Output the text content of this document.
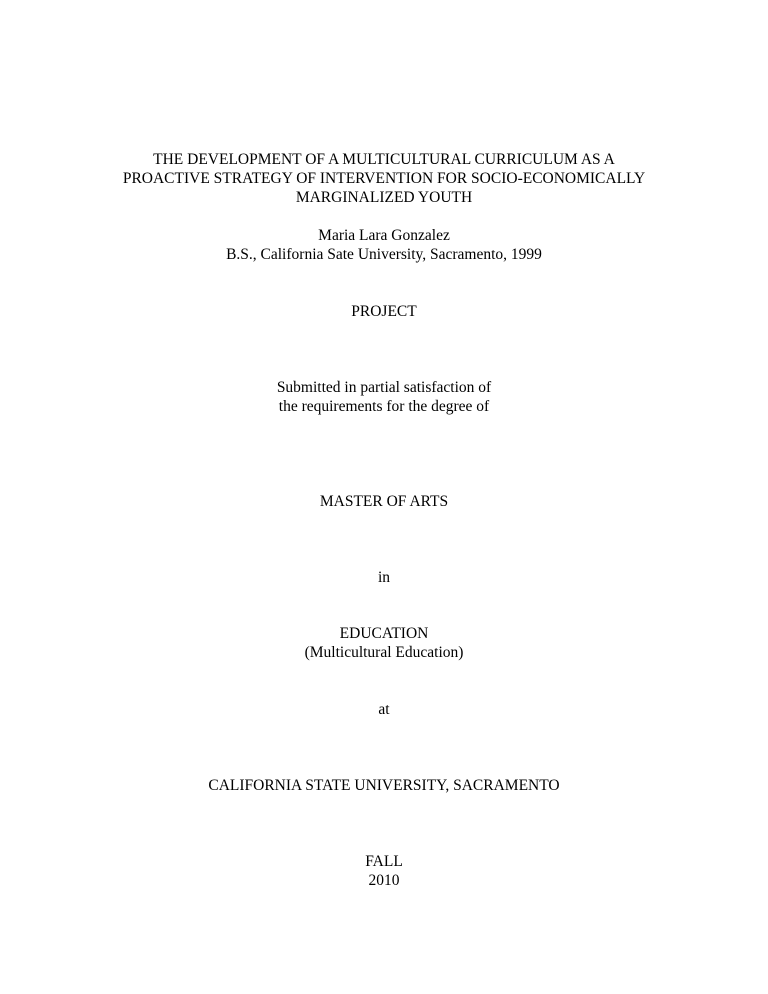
THE DEVELOPMENT OF A MULTICULTURAL CURRICULUM AS A
PROACTIVE STRATEGY OF INTERVENTION FOR SOCIO-ECONOMICALLY
MARGINALIZED YOUTH
Maria Lara Gonzalez
B.S., California Sate University, Sacramento, 1999
PROJECT
Submitted in partial satisfaction of
the requirements for the degree of
MASTER OF ARTS
in
EDUCATION
(Multicultural Education)
at
CALIFORNIA STATE UNIVERSITY, SACRAMENTO
FALL
2010
